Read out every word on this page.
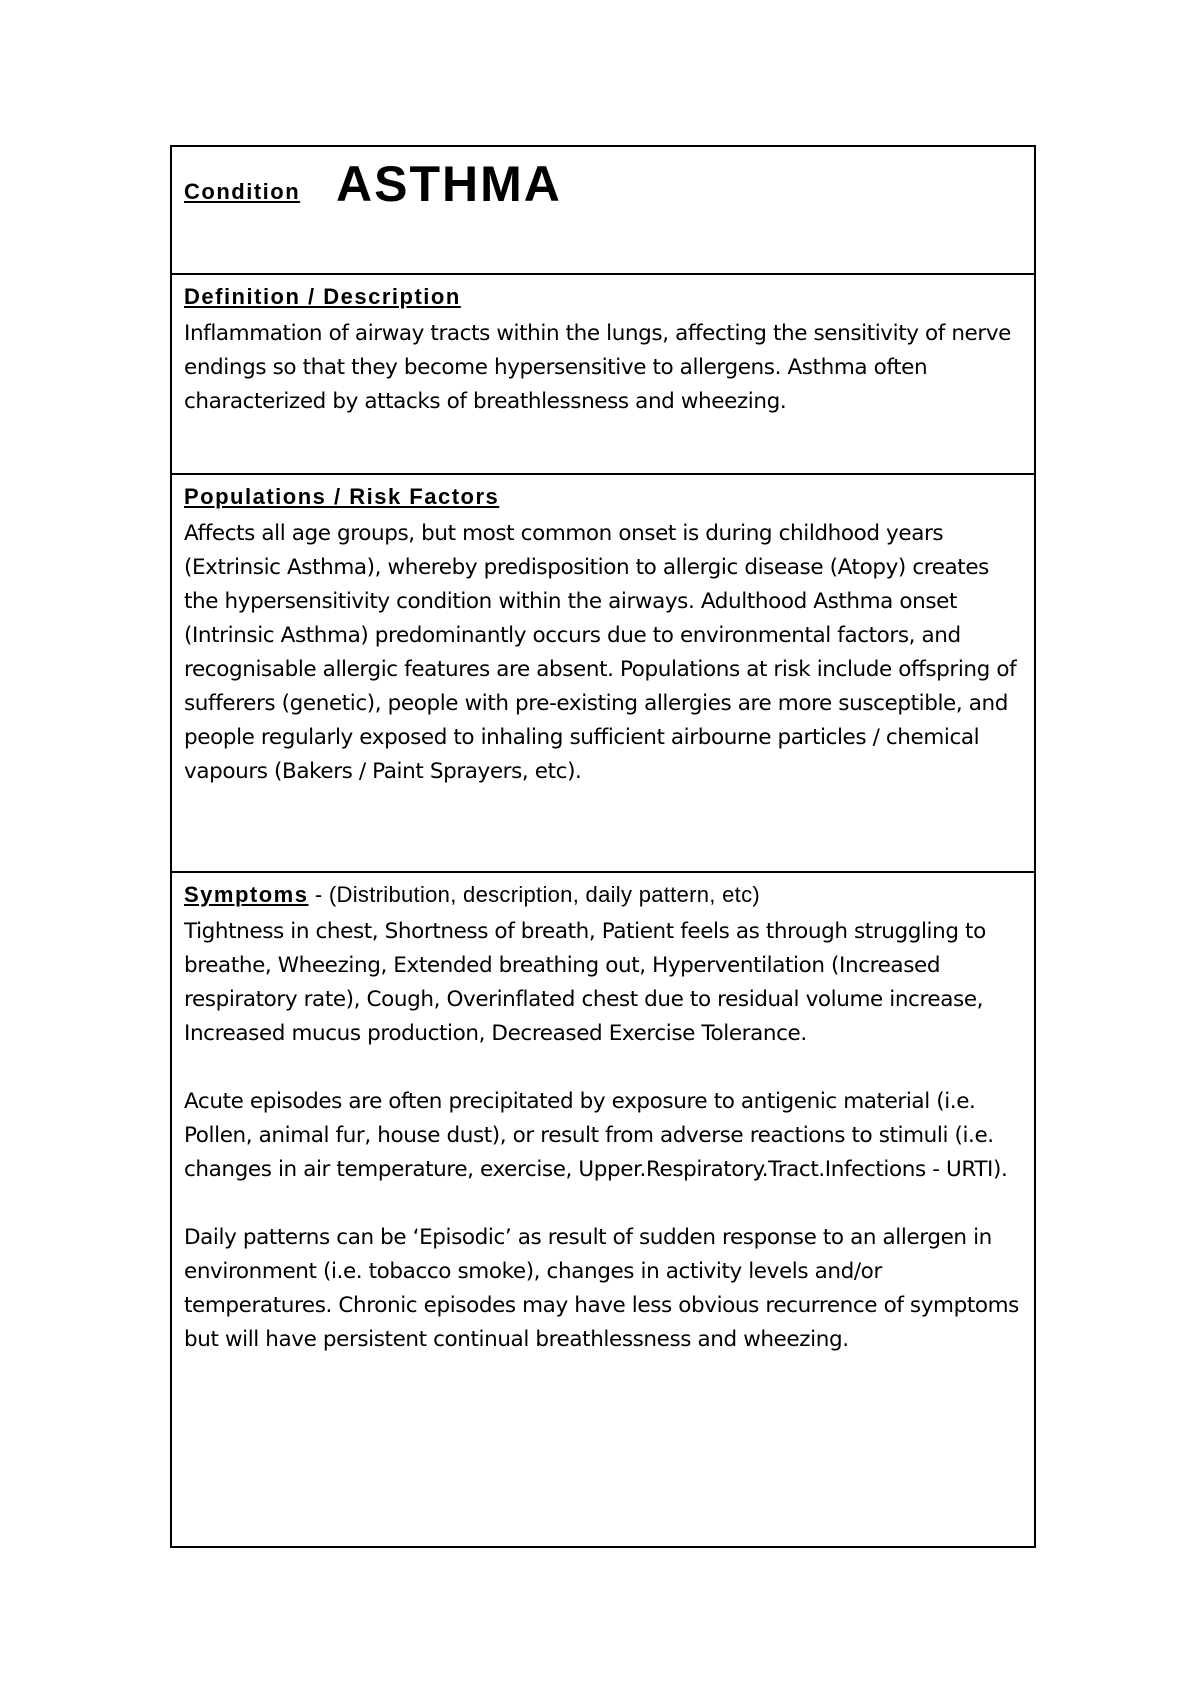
Condition ASTHMA
Definition / Description

Inflammation of airway tracts within the lungs, affecting the sensitivity of nerve endings so that they become hypersensitive to allergens. Asthma often characterized by attacks of breathlessness and wheezing.

Populations / Risk Factors

Affects all age groups, but most common onset is during childhood years (Extrinsic Asthma), whereby predisposition to allergic disease (Atopy) creates the hypersensitivity condition within the airways. Adulthood Asthma onset (Intrinsic Asthma) predominantly occurs due to environmental factors, and recognisable allergic features are absent. Populations at risk include offspring of sufferers (genetic), people with pre-existing allergies are more susceptible, and people regularly exposed to inhaling sufficient airbourne particles / chemical vapours (Bakers / Paint Sprayers, etc).

Symptoms - (Distribution, description, daily pattern, etc)

Tightness in chest, Shortness of breath, Patient feels as through struggling to breathe, Wheezing, Extended breathing out, Hyperventilation (Increased respiratory rate), Cough, Overinflated chest due to residual volume increase, Increased mucus production, Decreased Exercise Tolerance.

Acute episodes are often precipitated by exposure to antigenic material (i.e. Pollen, animal fur, house dust), or result from adverse reactions to stimuli (i.e. changes in air temperature, exercise, Upper.Respiratory.Tract.Infections - URTI).

Daily patterns can be ‘Episodic’ as result of sudden response to an allergen in environment (i.e. tobacco smoke), changes in activity levels and/or temperatures. Chronic episodes may have less obvious recurrence of symptoms but will have persistent continual breathlessness and wheezing.
